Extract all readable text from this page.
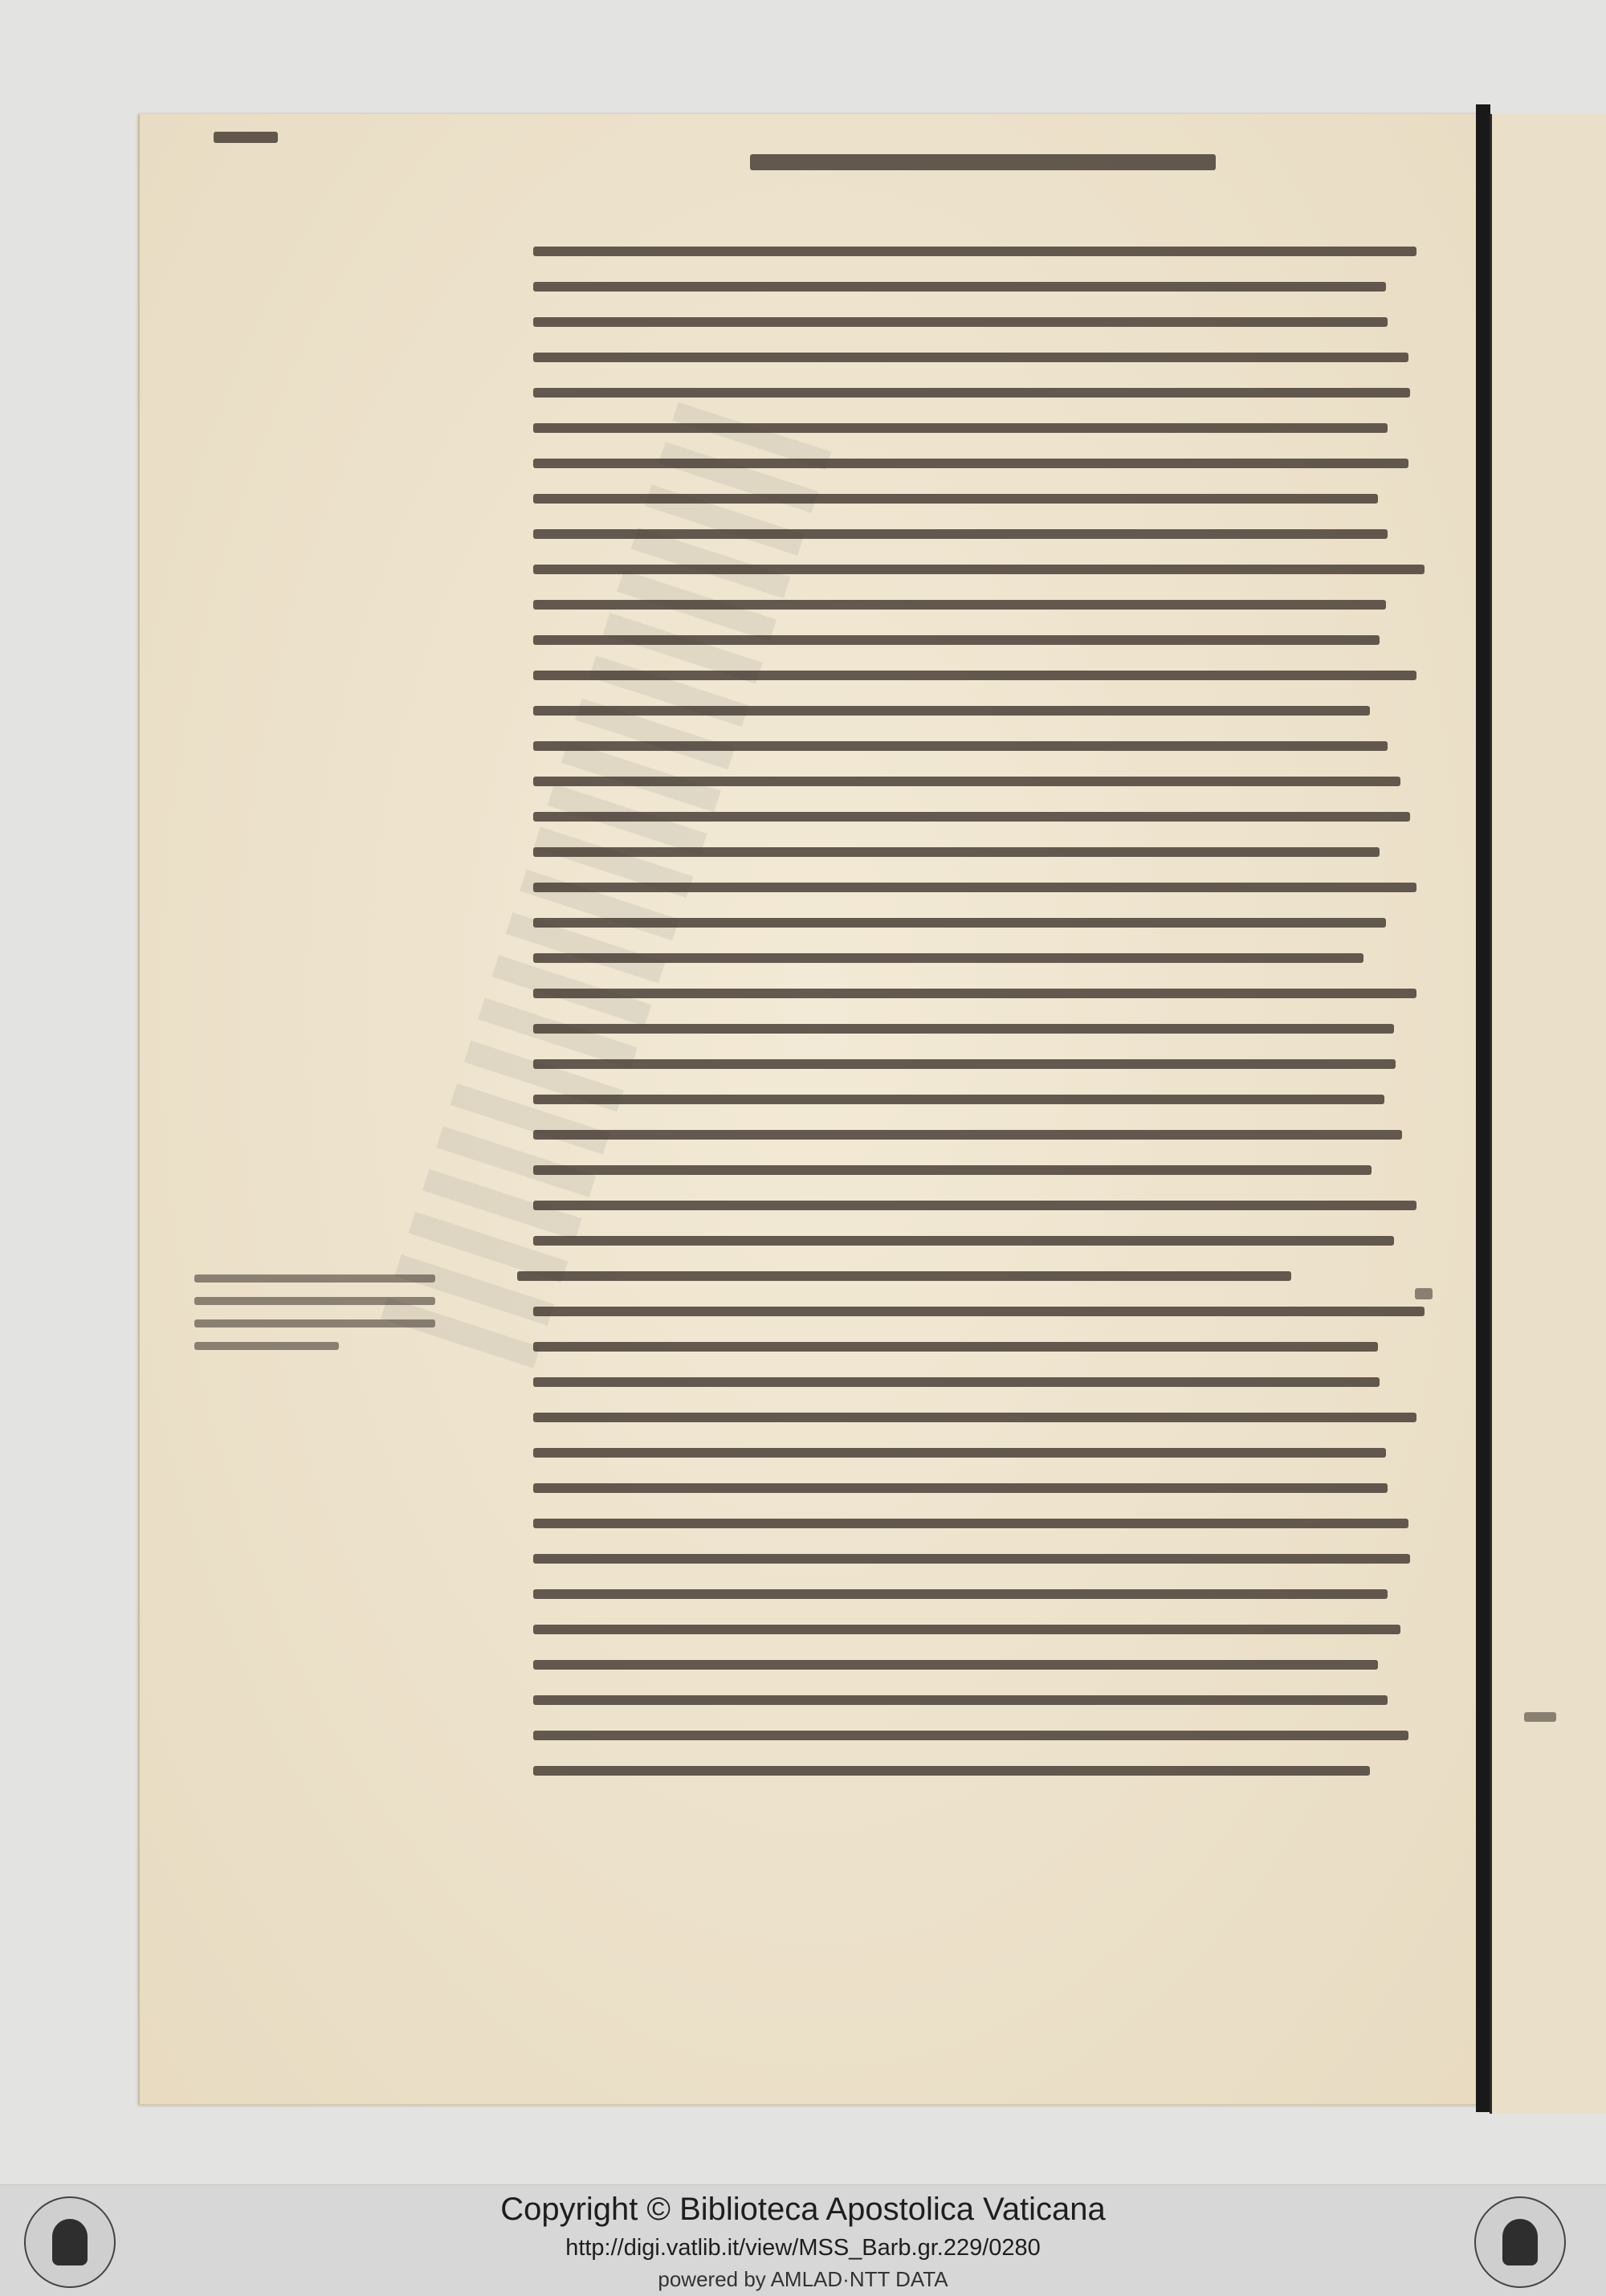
Copyright © Biblioteca Apostolica Vaticana
http://digi.vatlib.it/view/MSS_Barb.gr.229/0280
powered by AMLAD·NTT DATA
